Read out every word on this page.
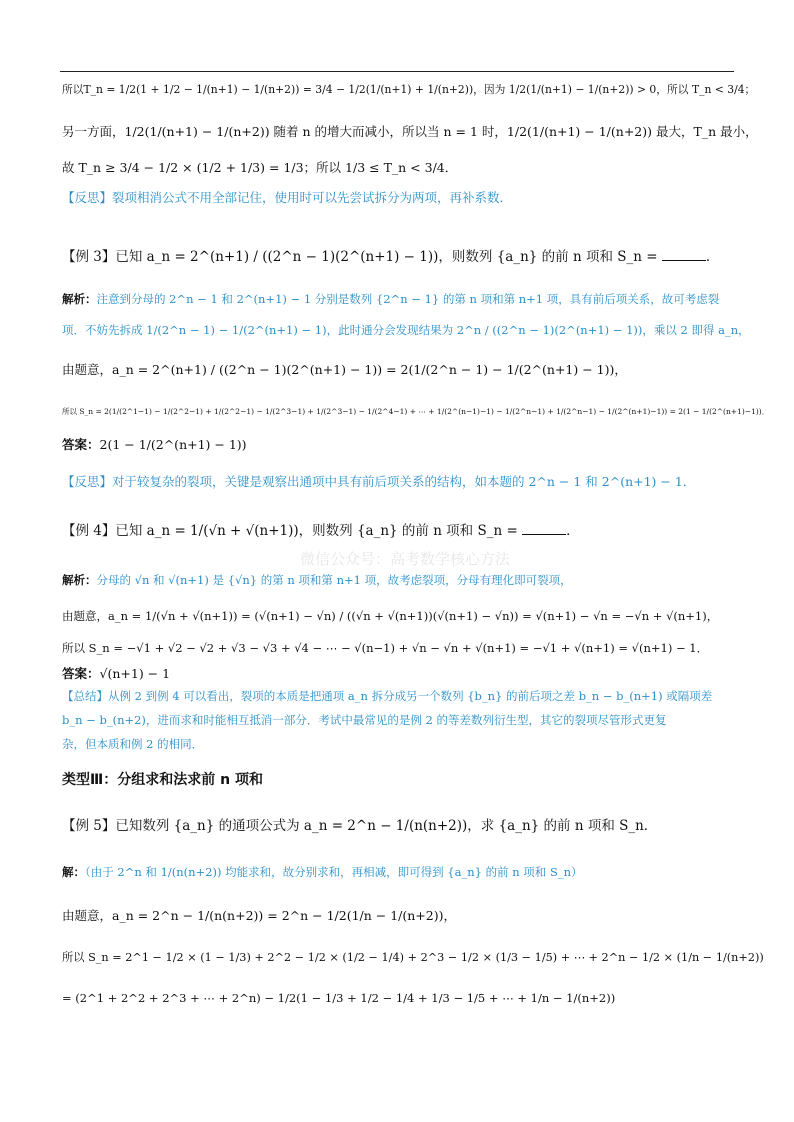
所以T_n = 1/2(1 + 1/2 − 1/(n+1) − 1/(n+2)) = 3/4 − 1/2(1/(n+1) + 1/(n+2))，因为 1/2(1/(n+1) − 1/(n+2)) > 0，所以 T_n < 3/4；
另一方面，1/2(1/(n+1) − 1/(n+2)) 随着 n 的增大而减小，所以当 n = 1 时，1/2(1/(n+1) − 1/(n+2)) 最大，T_n 最小，
故 T_n ≥ 3/4 − 1/2 × (1/2 + 1/3) = 1/3；所以 1/3 ≤ T_n < 3/4．
【反思】裂项相消公式不用全部记住，使用时可以先尝试拆分为两项，再补系数．
【例 3】已知 a_n = 2^(n+1) / ((2^n − 1)(2^(n+1) − 1))，则数列 {a_n} 的前 n 项和 S_n =	．
解析：注意到分母的 2^n − 1 和 2^(n+1) − 1 分别是数列 {2^n − 1} 的第 n 项和第 n+1 项，具有前后项关系，故可考虑裂
项．不妨先拆成 1/(2^n − 1) − 1/(2^(n+1) − 1)，此时通分会发现结果为 2^n / ((2^n − 1)(2^(n+1) − 1))，乘以 2 即得 a_n，
由题意，a_n = 2^(n+1) / ((2^n − 1)(2^(n+1) − 1)) = 2(1/(2^n − 1) − 1/(2^(n+1) − 1))，
所以 S_n = 2(1/(2^1−1) − 1/(2^2−1) + 1/(2^2−1) − 1/(2^3−1) + 1/(2^3−1) − 1/(2^4−1) + ⋯ + 1/(2^(n−1)−1) − 1/(2^n−1) + 1/(2^n−1) − 1/(2^(n+1)−1)) = 2(1 − 1/(2^(n+1)−1))．
答案：2(1 − 1/(2^(n+1) − 1))
【反思】对于较复杂的裂项，关键是观察出通项中具有前后项关系的结构，如本题的 2^n − 1 和 2^(n+1) − 1．
【例 4】已知 a_n = 1/(√n + √(n+1))，则数列 {a_n} 的前 n 项和 S_n =	．
微信公众号：高考数学核心方法
解析：分母的 √n 和 √(n+1) 是 {√n} 的第 n 项和第 n+1 项，故考虑裂项，分母有理化即可裂项，
由题意，a_n = 1/(√n + √(n+1)) = (√(n+1) − √n) / ((√n + √(n+1))(√(n+1) − √n)) = √(n+1) − √n = −√n + √(n+1)，
所以 S_n = −√1 + √2 − √2 + √3 − √3 + √4 − ⋯ − √(n−1) + √n − √n + √(n+1) = −√1 + √(n+1) = √(n+1) − 1．
答案：√(n+1) − 1
【总结】从例 2 到例 4 可以看出，裂项的本质是把通项 a_n 拆分成另一个数列 {b_n} 的前后项之差 b_n − b_(n+1) 或隔项差
b_n − b_(n+2)，进而求和时能相互抵消一部分．考试中最常见的是例 2 的等差数列衍生型，其它的裂项尽管形式更复
杂，但本质和例 2 的相同．
类型Ⅲ：分组求和法求前 n 项和
【例 5】已知数列 {a_n} 的通项公式为 a_n = 2^n − 1/(n(n+2))，求 {a_n} 的前 n 项和 S_n．
解：（由于 2^n 和 1/(n(n+2)) 均能求和，故分别求和，再相减，即可得到 {a_n} 的前 n 项和 S_n）
由题意，a_n = 2^n − 1/(n(n+2)) = 2^n − 1/2(1/n − 1/(n+2))，
所以 S_n = 2^1 − 1/2 × (1 − 1/3) + 2^2 − 1/2 × (1/2 − 1/4) + 2^3 − 1/2 × (1/3 − 1/5) + ⋯ + 2^n − 1/2 × (1/n − 1/(n+2))
= (2^1 + 2^2 + 2^3 + ⋯ + 2^n) − 1/2(1 − 1/3 + 1/2 − 1/4 + 1/3 − 1/5 + ⋯ + 1/n − 1/(n+2))
